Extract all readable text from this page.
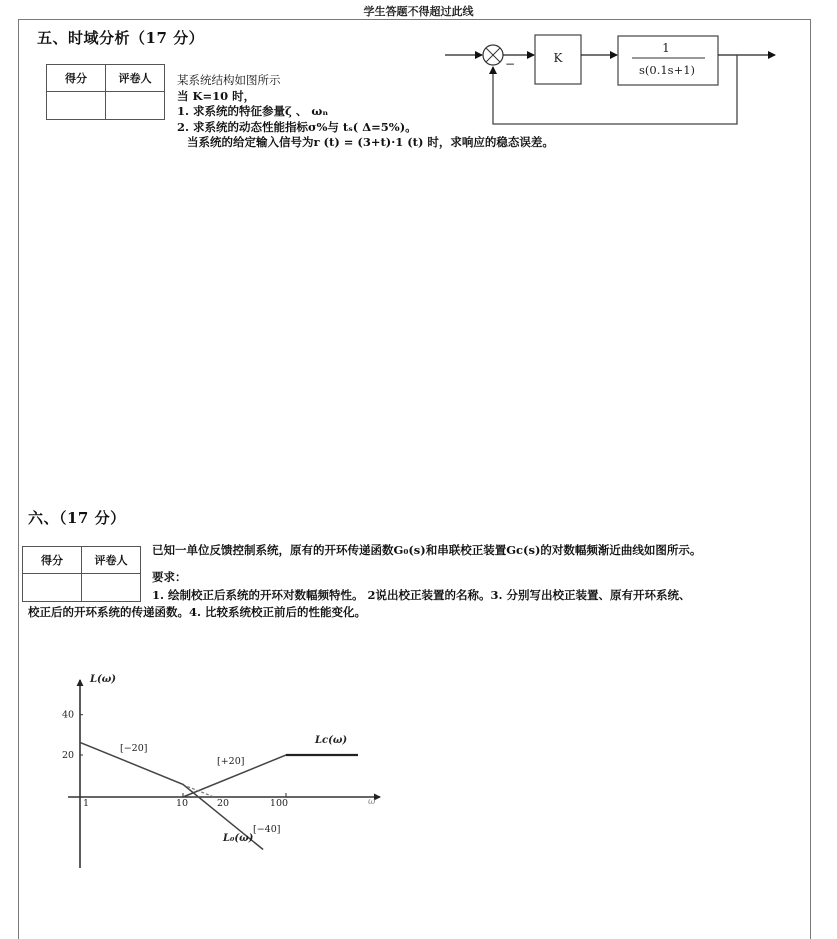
学生答题不得超过此线
五、时域分析（17 分）
得分	评卷人
	某系统结构如图所示
当 K=10 时，
1. 求系统的特征参量ζ 、 ωₙ
2. 求系统的动态性能指标σ%与 tₛ( Δ=5%)。
当系统的给定输入信号为r (t) = (3+t)·1 (t) 时，求响应的稳态误差。
−	K
1
s(0.1s+1)
六、（17 分）
得分	评卷人

已知一单位反馈控制系统，原有的开环传递函数G₀(s)和串联校正装置Gc(s)的对数幅频渐近曲线如图所示。
要求：
1. 绘制校正后系统的开环对数幅频特性。 2说出校正装置的名称。3. 分别写出校正装置、原有开环系统、
校正后的开环系统的传递函数。4. 比较系统校正前后的性能变化。
L(ω)
ω
1	10	20	100
20
40
[−20]
[+20]
[−40]
L₀(ω)
Lc(ω)
